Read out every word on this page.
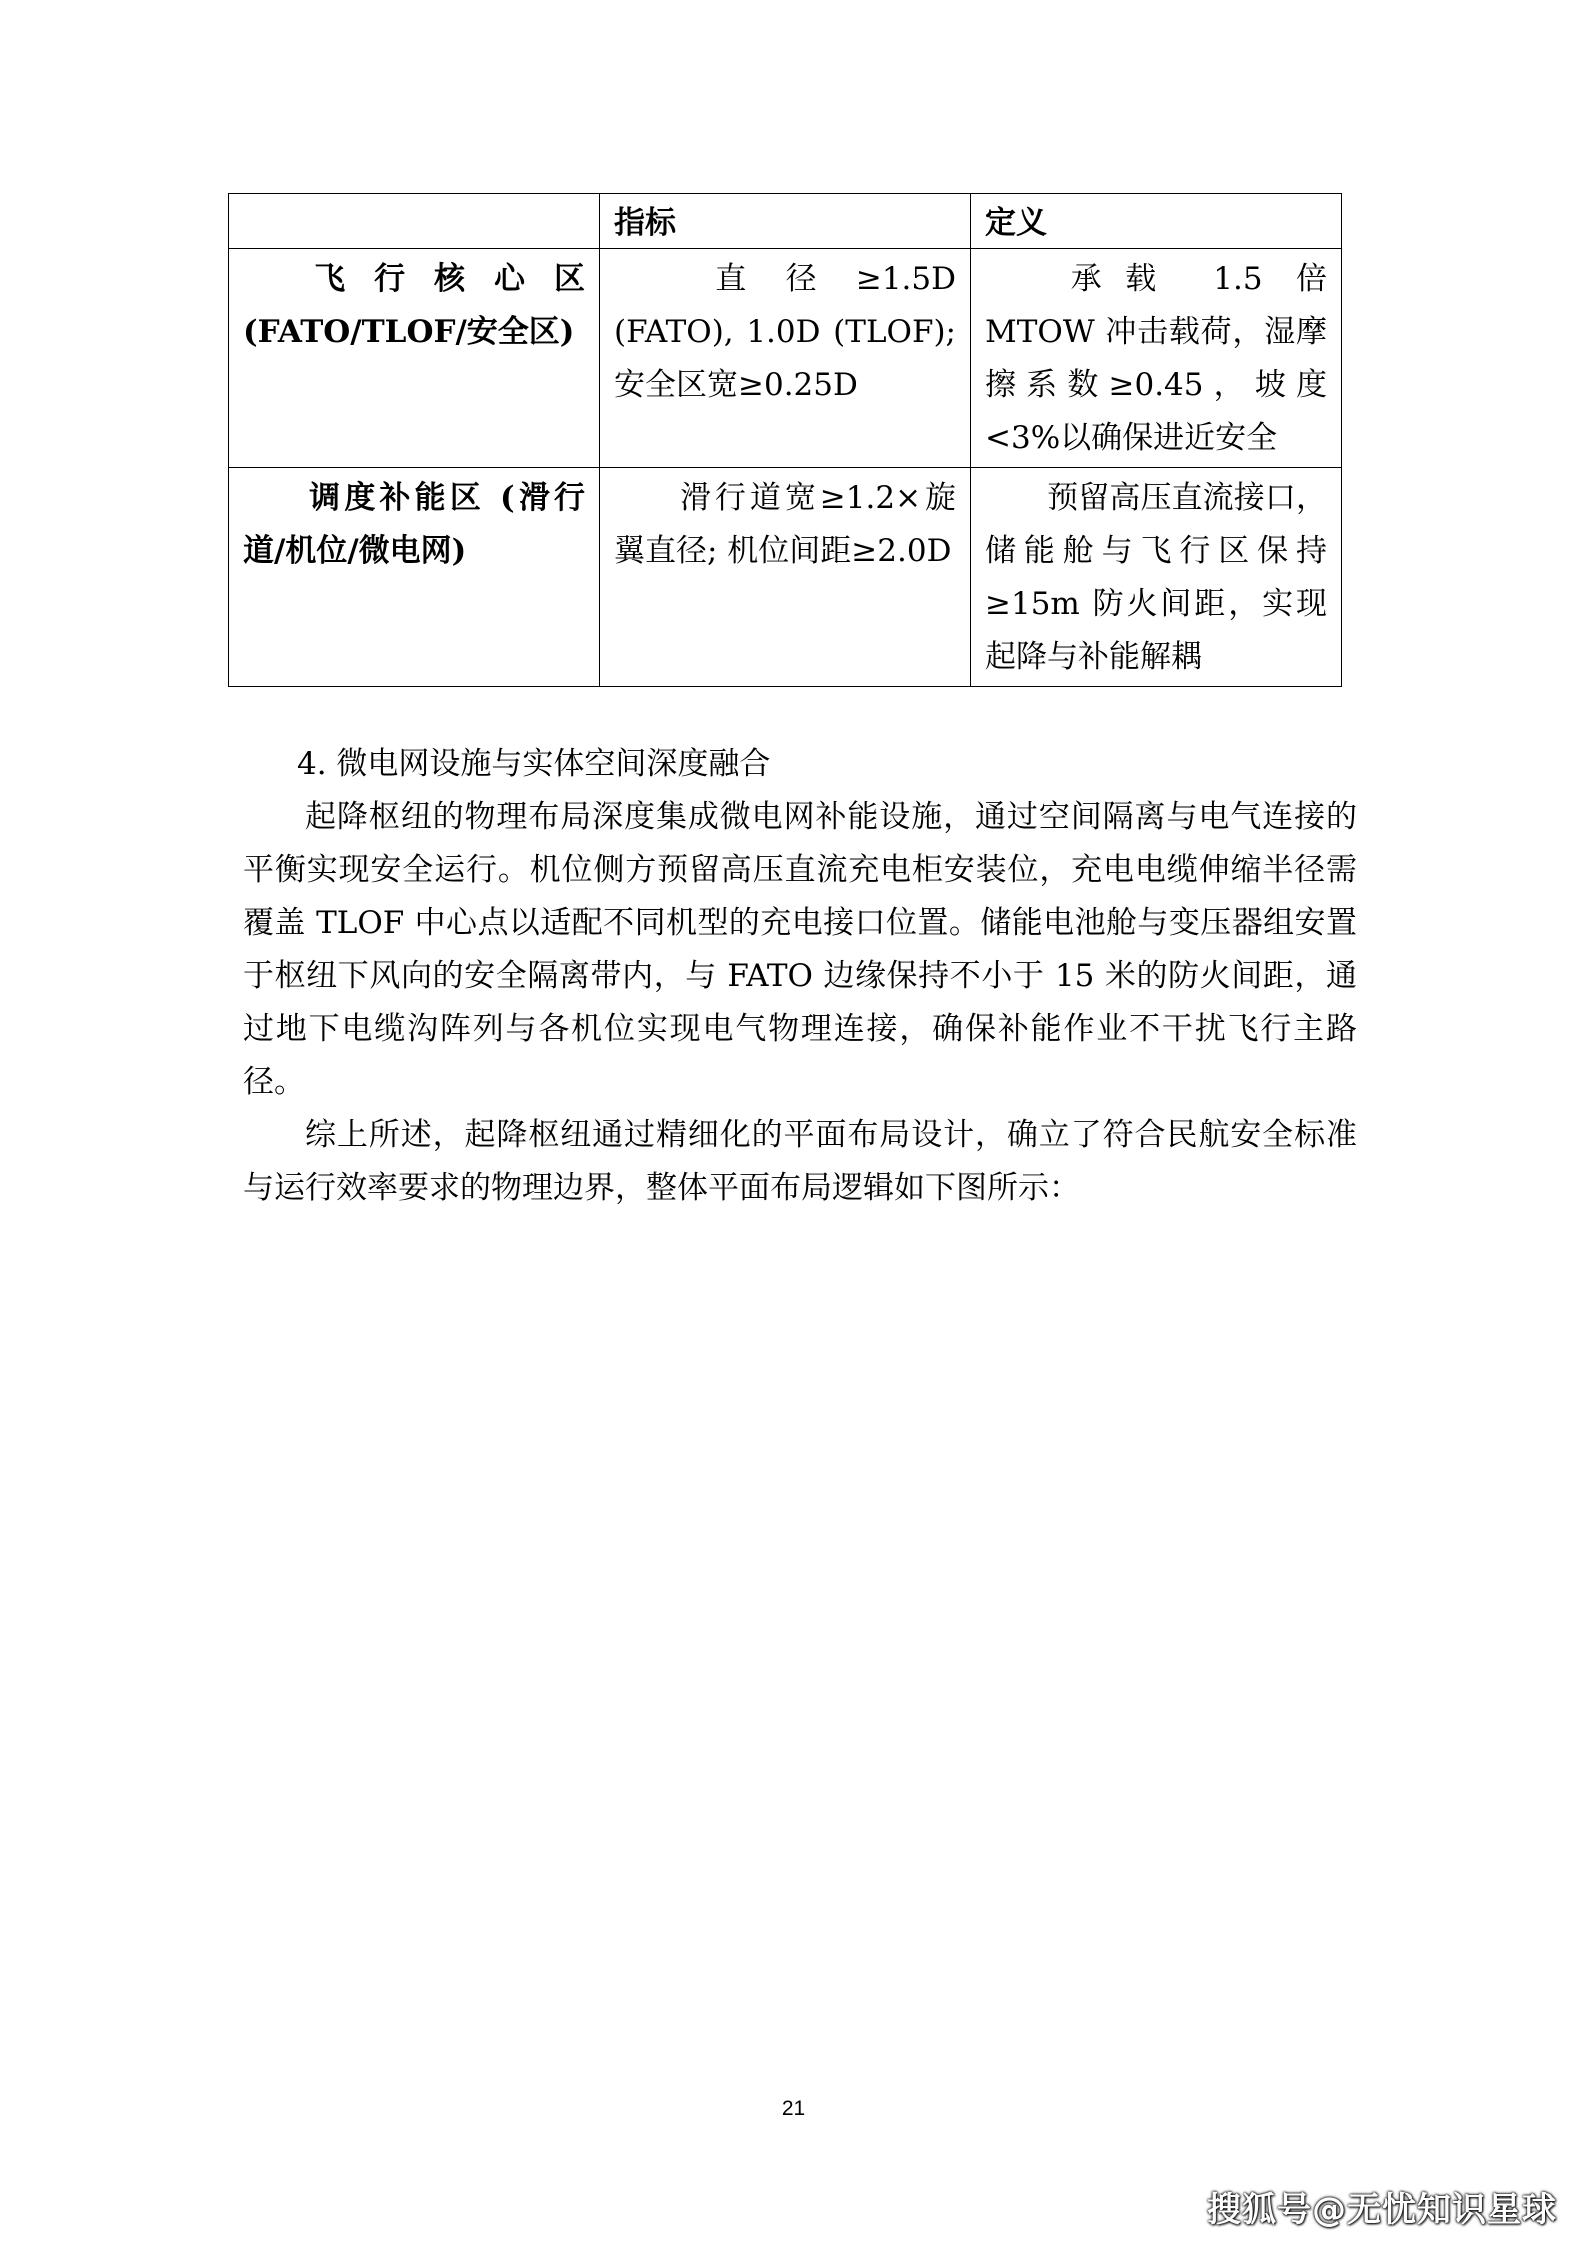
	指标	定义
飞 行 核 心 区(FATO/TLOF/安全区)	直径≥1.5D (FATO), 1.0D (TLOF); 安全区宽≥0.25D	承载 1.5 倍 MTOW 冲击载荷，湿摩擦系数≥0.45，坡度<3%以确保进近安全
调度补能区 (滑行道/机位/微电网)	滑行道宽≥1.2×旋翼直径; 机位间距≥2.0D	预留高压直流接口，储能舱与飞行区保持≥15m 防火间距，实现起降与补能解耦

4. 微电网设施与实体空间深度融合

起降枢纽的物理布局深度集成微电网补能设施，通过空间隔离与电气连接的平衡实现安全运行。机位侧方预留高压直流充电柜安装位，充电电缆伸缩半径需覆盖 TLOF 中心点以适配不同机型的充电接口位置。储能电池舱与变压器组安置于枢纽下风向的安全隔离带内，与 FATO 边缘保持不小于 15 米的防火间距，通过地下电缆沟阵列与各机位实现电气物理连接，确保补能作业不干扰飞行主路径。

综上所述，起降枢纽通过精细化的平面布局设计，确立了符合民航安全标准与运行效率要求的物理边界，整体平面布局逻辑如下图所示：

21
搜狐号@无忧知识星球
